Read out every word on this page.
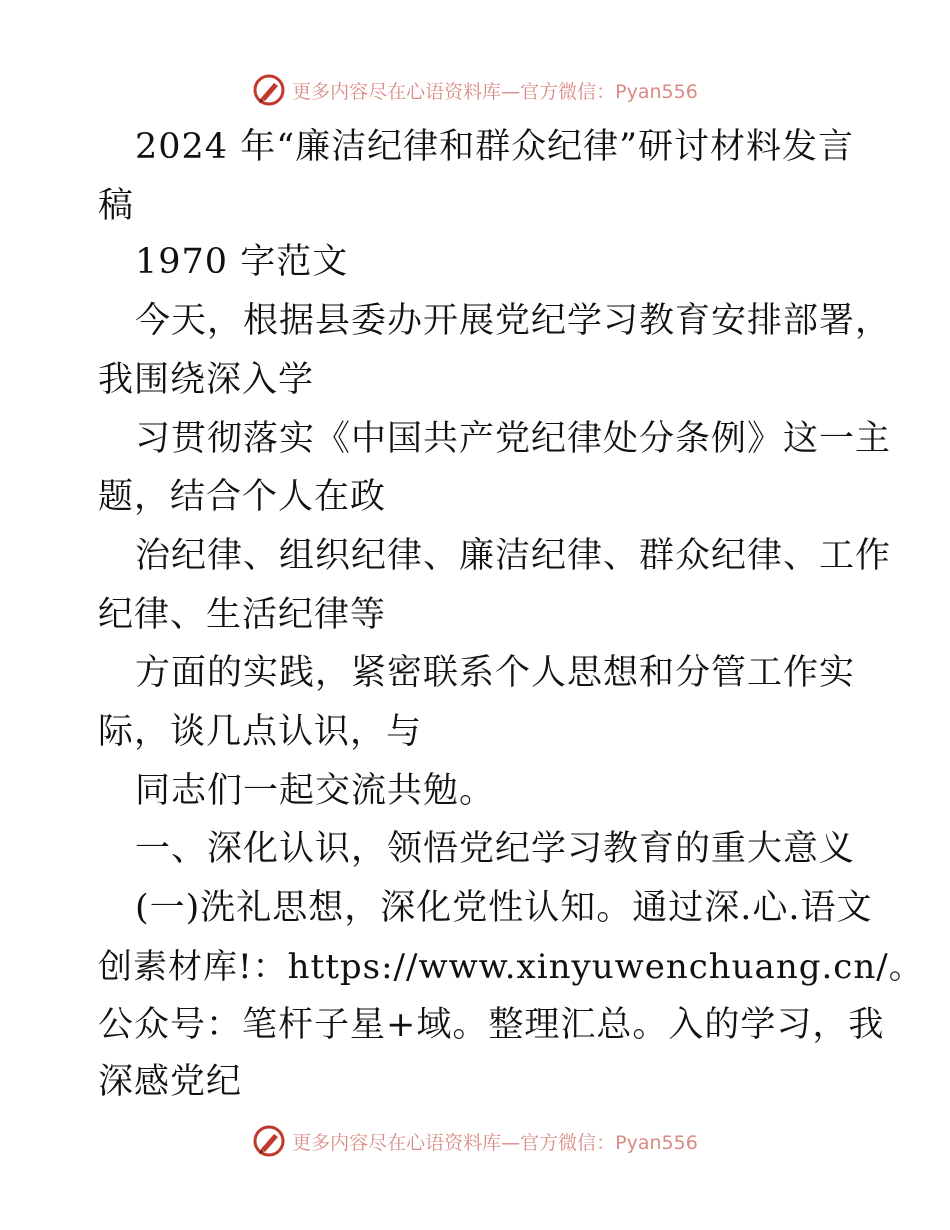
更多内容尽在心语资料库—官方微信：Pyan556
2024 年“廉洁纪律和群众纪律”研讨材料发言
稿
1970 字范文
今天，根据县委办开展党纪学习教育安排部署，
我围绕深入学
习贯彻落实《中国共产党纪律处分条例》这一主
题，结合个人在政
治纪律、组织纪律、廉洁纪律、群众纪律、工作
纪律、生活纪律等
方面的实践，紧密联系个人思想和分管工作实
际，谈几点认识，与
同志们一起交流共勉。
一、深化认识，领悟党纪学习教育的重大意义
(一)洗礼思想，深化党性认知。通过深.心.语文
创素材库!：https://www.xinyuwenchuang.cn/。
公众号：笔杆子星+域。整理汇总。入的学习，我
深感党纪
更多内容尽在心语资料库—官方微信：Pyan556
